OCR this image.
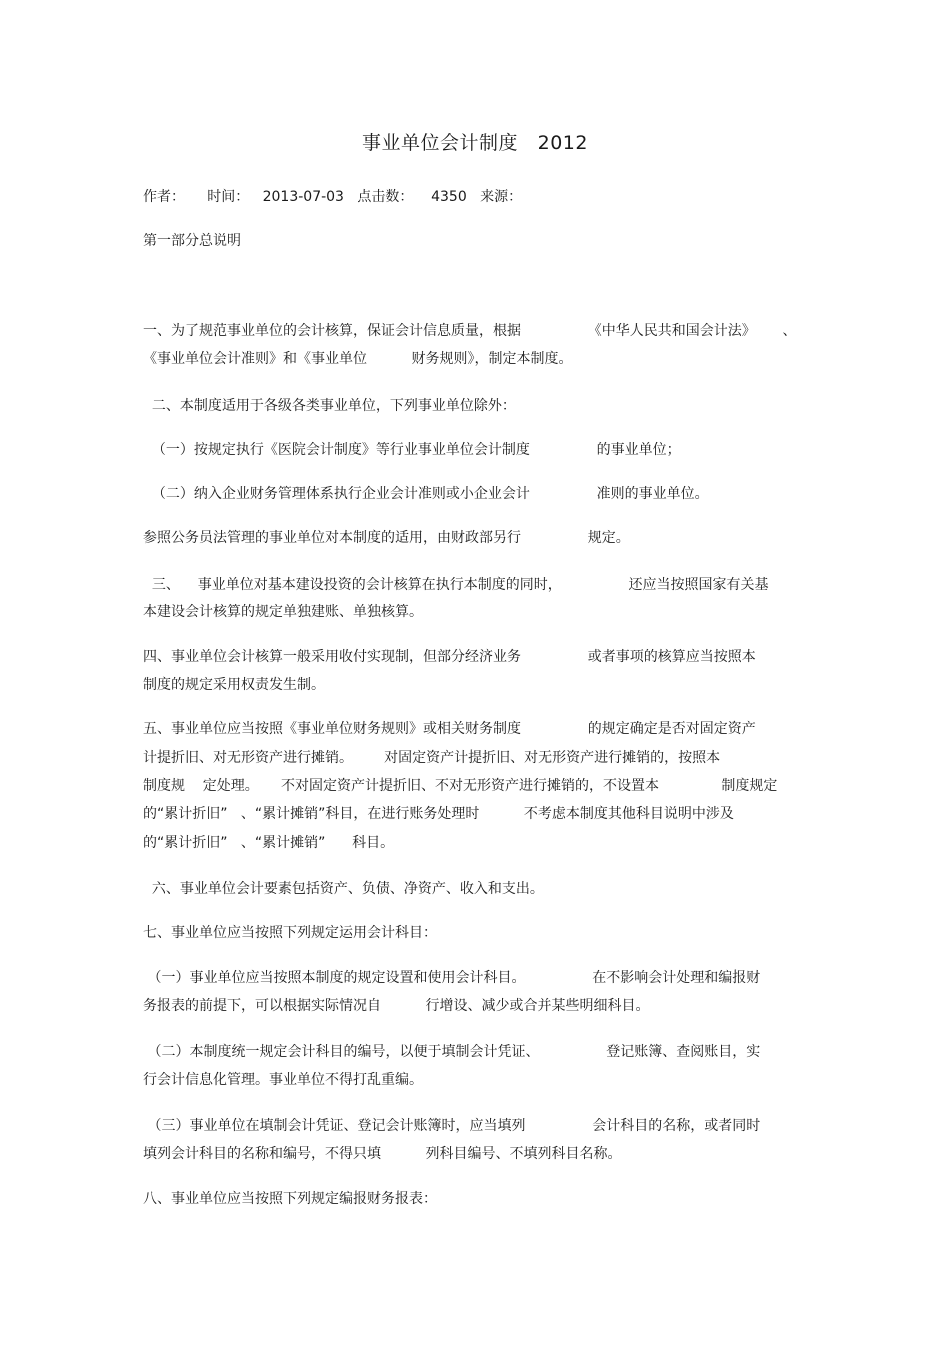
事业单位会计制度   2012
作者：     时间：   2013-07-03   点击数：    4350   来源：
第一部分总说明
一、为了规范事业单位的会计核算，保证会计信息质量，根据               《中华人民共和国会计法》      、
《事业单位会计准则》和《事业单位          财务规则》，制定本制度。
二、本制度适用于各级各类事业单位，下列事业单位除外：
（一）按规定执行《医院会计制度》等行业事业单位会计制度               的事业单位；
（二）纳入企业财务管理体系执行企业会计准则或小企业会计               准则的事业单位。
参照公务员法管理的事业单位对本制度的适用，由财政部另行               规定。
三、    事业单位对基本建设投资的会计核算在执行本制度的同时，               还应当按照国家有关基
本建设会计核算的规定单独建账、单独核算。
四、事业单位会计核算一般采用收付实现制，但部分经济业务               或者事项的核算应当按照本
制度的规定采用权责发生制。
五、事业单位应当按照《事业单位财务规则》或相关财务制度               的规定确定是否对固定资产
计提折旧、对无形资产进行摊销。       对固定资产计提折旧、对无形资产进行摊销的，按照本
制度规    定处理。     不对固定资产计提折旧、不对无形资产进行摊销的，不设置本              制度规定
的“累计折旧”   、“累计摊销”科目，在进行账务处理时          不考虑本制度其他科目说明中涉及
的“累计折旧”   、“累计摊销”      科目。
六、事业单位会计要素包括资产、负债、净资产、收入和支出。
七、事业单位应当按照下列规定运用会计科目：
（一）事业单位应当按照本制度的规定设置和使用会计科目。               在不影响会计处理和编报财
务报表的前提下，可以根据实际情况自          行增设、减少或合并某些明细科目。
（二）本制度统一规定会计科目的编号，以便于填制会计凭证、               登记账簿、查阅账目，实
行会计信息化管理。事业单位不得打乱重编。
（三）事业单位在填制会计凭证、登记会计账簿时，应当填列               会计科目的名称，或者同时
填列会计科目的名称和编号，不得只填          列科目编号、不填列科目名称。
八、事业单位应当按照下列规定编报财务报表：
